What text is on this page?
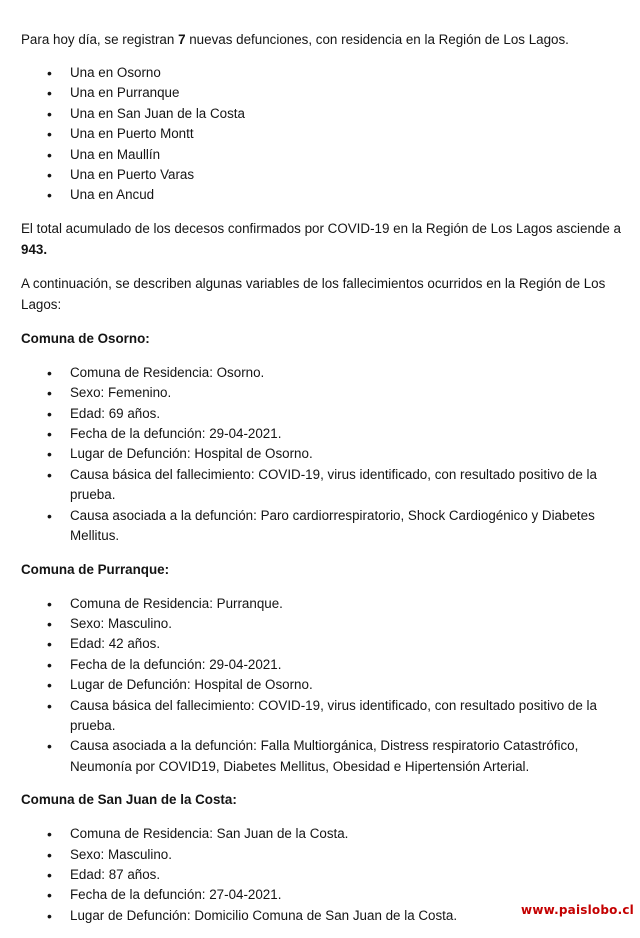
Para hoy día, se registran 7 nuevas defunciones, con residencia en la Región de Los Lagos.

• Una en Osorno
• Una en Purranque
• Una en San Juan de la Costa
• Una en Puerto Montt
• Una en Maullín
• Una en Puerto Varas
• Una en Ancud

El total acumulado de los decesos confirmados por COVID-19 en la Región de Los Lagos asciende a 943.

A continuación, se describen algunas variables de los fallecimientos ocurridos en la Región de Los Lagos:

Comuna de Osorno:

• Comuna de Residencia: Osorno.
• Sexo: Femenino.
• Edad: 69 años.
• Fecha de la defunción: 29-04-2021.
• Lugar de Defunción: Hospital de Osorno.
• Causa básica del fallecimiento: COVID-19, virus identificado, con resultado positivo de la prueba.
• Causa asociada a la defunción: Paro cardiorrespiratorio, Shock Cardiogénico y Diabetes Mellitus.

Comuna de Purranque:

• Comuna de Residencia: Purranque.
• Sexo: Masculino.
• Edad: 42 años.
• Fecha de la defunción: 29-04-2021.
• Lugar de Defunción: Hospital de Osorno.
• Causa básica del fallecimiento: COVID-19, virus identificado, con resultado positivo de la prueba.
• Causa asociada a la defunción: Falla Multiorgánica, Distress respiratorio Catastrófico, Neumonía por COVID19, Diabetes Mellitus, Obesidad e Hipertensión Arterial.

Comuna de San Juan de la Costa:

• Comuna de Residencia: San Juan de la Costa.
• Sexo: Masculino.
• Edad: 87 años.
• Fecha de la defunción: 27-04-2021.
• Lugar de Defunción: Domicilio Comuna de San Juan de la Costa.	www.paislobo.cl
